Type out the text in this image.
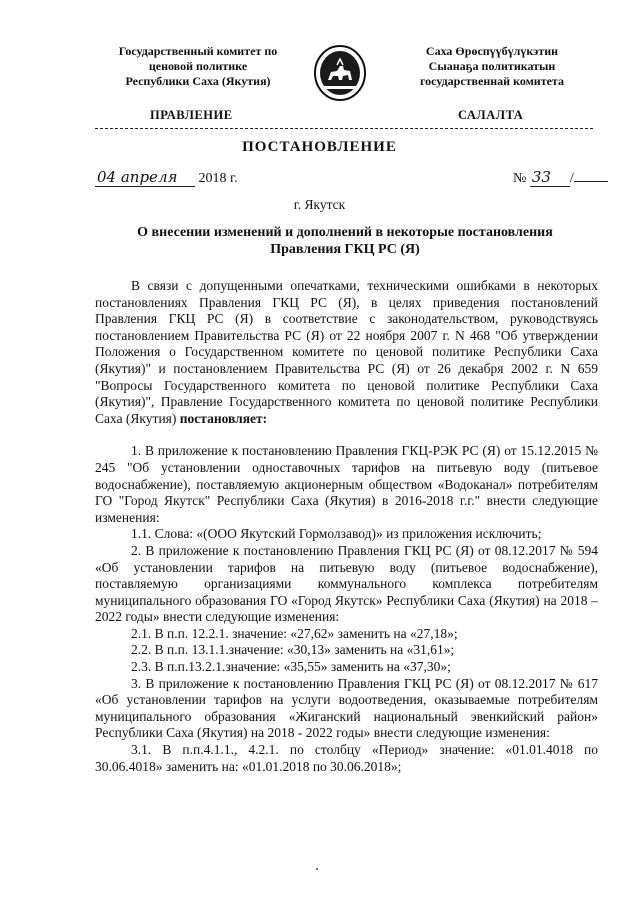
Государственный комитет по
ценовой политике
Республики Саха (Якутия)
Саха Өрөспүүбүлүкэтин
Сыанаҕа политикатын
государственнай комитета
ПРАВЛЕНИЕ	САЛАЛТА
ПОСТАНОВЛЕНИЕ
04 апреля 2018 г.	№ 33 /
г. Якутск
О внесении изменений и дополнений в некоторые постановления
Правления ГКЦ РС (Я)

В связи с допущенными опечатками, техническими ошибками в некоторых постановлениях Правления ГКЦ РС (Я), в целях приведения постановлений Правления ГКЦ РС (Я) в соответствие с законодательством, руководствуясь постановлением Правительства РС (Я) от 22 ноября 2007 г. N 468 "Об утверждении Положения о Государственном комитете по ценовой политике Республики Саха (Якутия)" и постановлением Правительства РС (Я) от 26 декабря 2002 г. N 659 "Вопросы Государственного комитета по ценовой политике Республики Саха (Якутия)", Правление Государственного комитета по ценовой политике Республики Саха (Якутия) постановляет:

1. В приложение к постановлению Правления ГКЦ-РЭК РС (Я) от 15.12.2015 № 245 "Об установлении одноставочных тарифов на питьевую воду (питьевое водоснабжение), поставляемую акционерным обществом «Водоканал» потребителям ГО "Город Якутск" Республики Саха (Якутия) в 2016-2018 г.г." внести следующие изменения:

1.1. Слова: «(ООО Якутский Гормолзавод)» из приложения исключить;

2. В приложение к постановлению Правления ГКЦ РС (Я) от 08.12.2017 № 594 «Об установлении тарифов на питьевую воду (питьевое водоснабжение), поставляемую организациями коммунального комплекса потребителям муниципального образования ГО «Город Якутск» Республики Саха (Якутия) на 2018 – 2022 годы» внести следующие изменения:

2.1. В п.п. 12.2.1. значение: «27,62» заменить на «27,18»;

2.2. В п.п. 13.1.1.значение: «30,13» заменить на «31,61»;

2.3. В п.п.13.2.1.значение: «35,55» заменить на «37,30»;

3. В приложение к постановлению Правления ГКЦ РС (Я) от 08.12.2017 № 617 «Об установлении тарифов на услуги водоотведения, оказываемые потребителям муниципального образования «Жиганский национальный эвенкийский район» Республики Саха (Якутия) на 2018 - 2022 годы» внести следующие изменения:

3.1. В п.п.4.1.1., 4.2.1. по столбцу «Период» значение: «01.01.4018 по 30.06.4018» заменить на: «01.01.2018 по 30.06.2018»;
